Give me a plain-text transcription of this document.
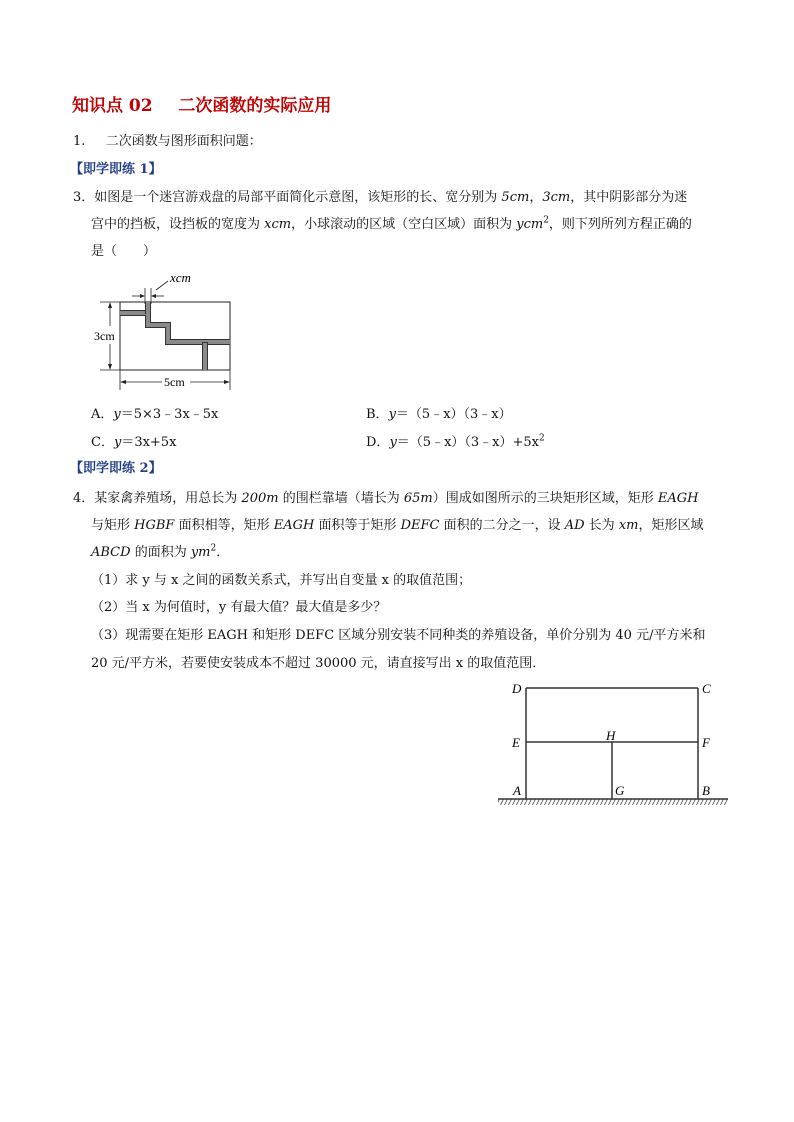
知识点 02 二次函数的实际应用
1. 二次函数与图形面积问题：
【即学即练 1】
3．如图是一个迷宫游戏盘的局部平面简化示意图，该矩形的长、宽分别为 5cm，3cm，其中阴影部分为迷
宫中的挡板，设挡板的宽度为 xcm，小球滚动的区域（空白区域）面积为 ycm$^2$，则下列所列方程正确的
是（　　）
xcm
3cm
5cm
A．y＝5×3﹣3x﹣5x	B．y＝（5﹣x）（3﹣x）
C．y＝3x+5x	D．$y=(5﹣x)(3﹣x)+5x^2$
【即学即练 2】
4．某家禽养殖场，用总长为 200m 的围栏靠墙（墙长为 65m）围成如图所示的三块矩形区域，矩形 EAGH
与矩形 HGBF 面积相等，矩形 EAGH 面积等于矩形 DEFC 面积的二分之一，设 AD 长为 xm，矩形区域
ABCD 的面积为 $ym^2$．
（1）求 y 与 x 之间的函数关系式，并写出自变量 x 的取值范围；
（2）当 x 为何值时，y 有最大值？最大值是多少？
（3）现需要在矩形 EAGH 和矩形 DEFC 区域分别安装不同种类的养殖设备，单价分别为 40 元/平方米和
20 元/平方米，若要使安装成本不超过 30000 元，请直接写出 x 的取值范围．
D	C
E	H	F
A	G	B
